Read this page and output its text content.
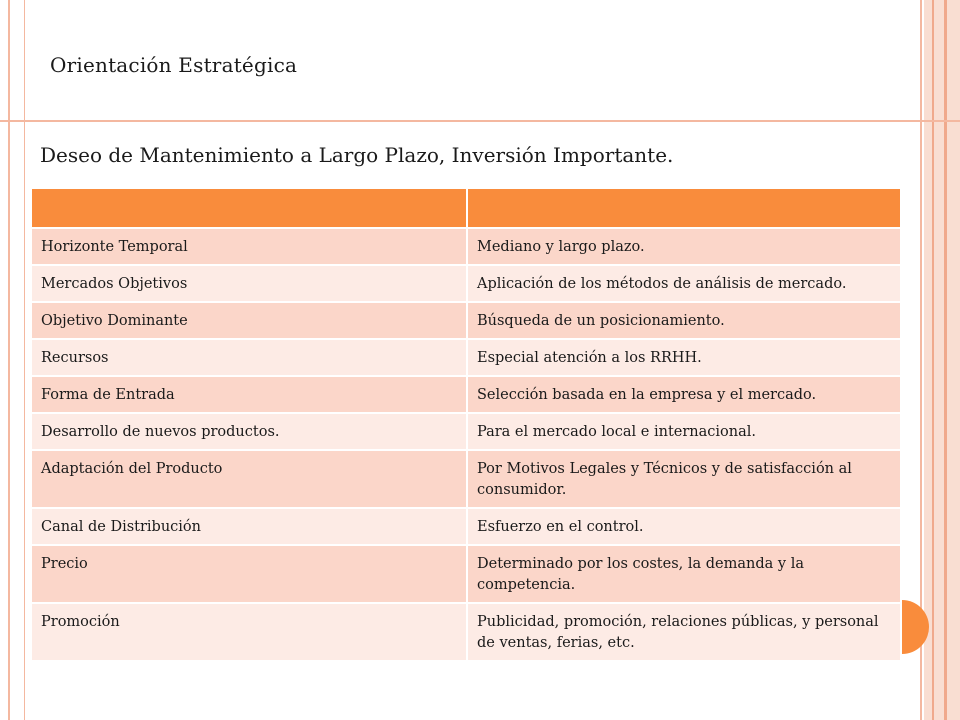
Orientación Estratégica
Deseo de Mantenimiento a Largo Plazo, Inversión Importante.

Horizonte Temporal	Mediano y largo plazo.
Mercados Objetivos	Aplicación de los métodos de análisis de mercado.
Objetivo Dominante	Búsqueda de un posicionamiento.
Recursos	Especial atención a los RRHH.
Forma de Entrada	Selección basada en la empresa y el mercado.
Desarrollo de nuevos productos.	Para el mercado local e internacional.
Adaptación del Producto	Por Motivos Legales y Técnicos y de satisfacción al consumidor.
Canal de Distribución	Esfuerzo en el control.
Precio	Determinado por los costes, la demanda y la competencia.
Promoción	Publicidad, promoción, relaciones públicas, y personal de ventas, ferias, etc.
